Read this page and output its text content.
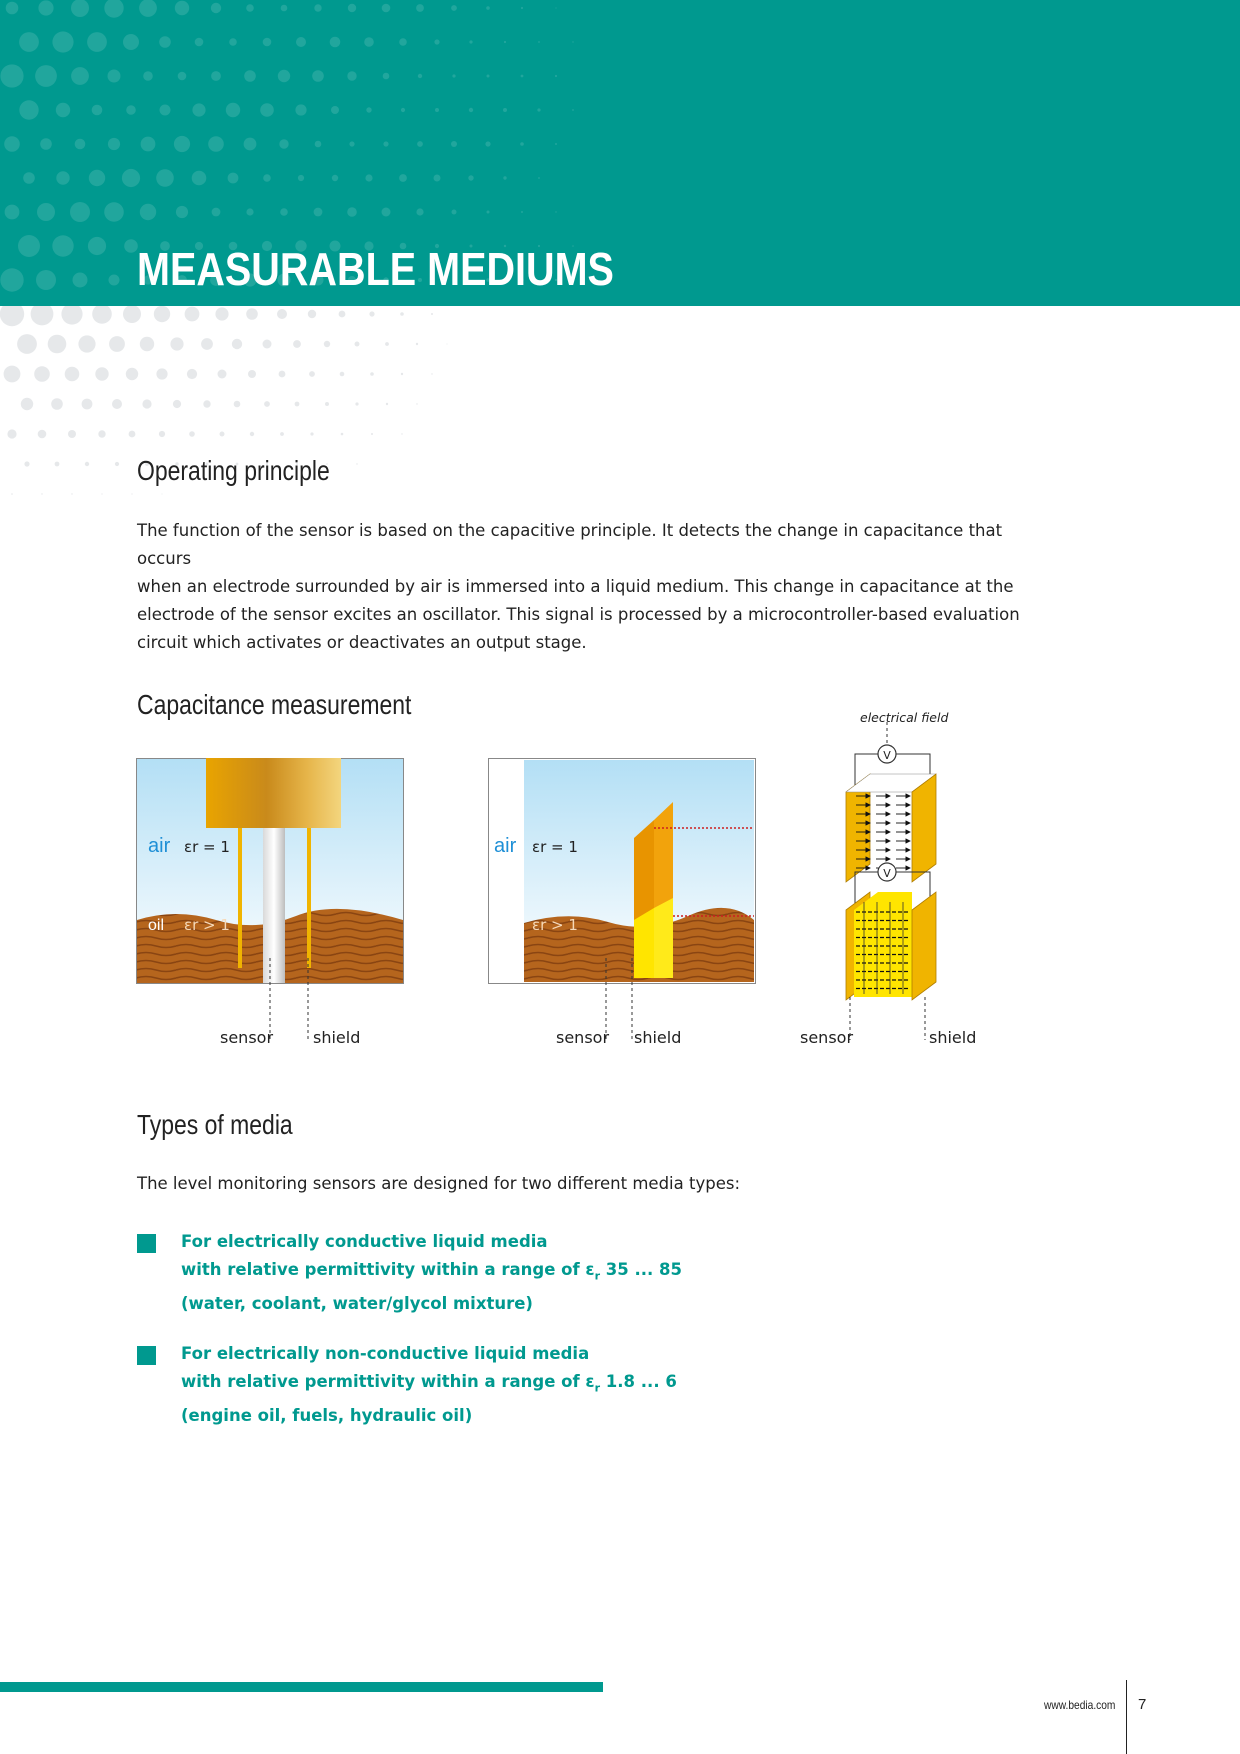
MEASURABLE MEDIUMS
Operating principle

The function of the sensor is based on the capacitive principle. It detects the change in capacitance that occurs
when an electrode surrounded by air is immersed into a liquid medium. This change in capacitance at the
electrode of the sensor excites an oscillator. This signal is processed by a microcontroller-based evaluation
circuit which activates or deactivates an output stage.

Capacitance measurement	electrical field
air εr = 1
oil εr > 1
sensor shield
air εr = 1
εr > 1
sensor shield
V
V
sensor	shield
Types of media

The level monitoring sensors are designed for two different media types:

For electrically conductive liquid media
with relative permittivity within a range of $\varepsilon_r$ 35 ... 85
(water, coolant, water/glycol mixture)

For electrically non-conductive liquid media
with relative permittivity within a range of $\varepsilon_r$ 1.8 ... 6
(engine oil, fuels, hydraulic oil)

www.bedia.com 7
